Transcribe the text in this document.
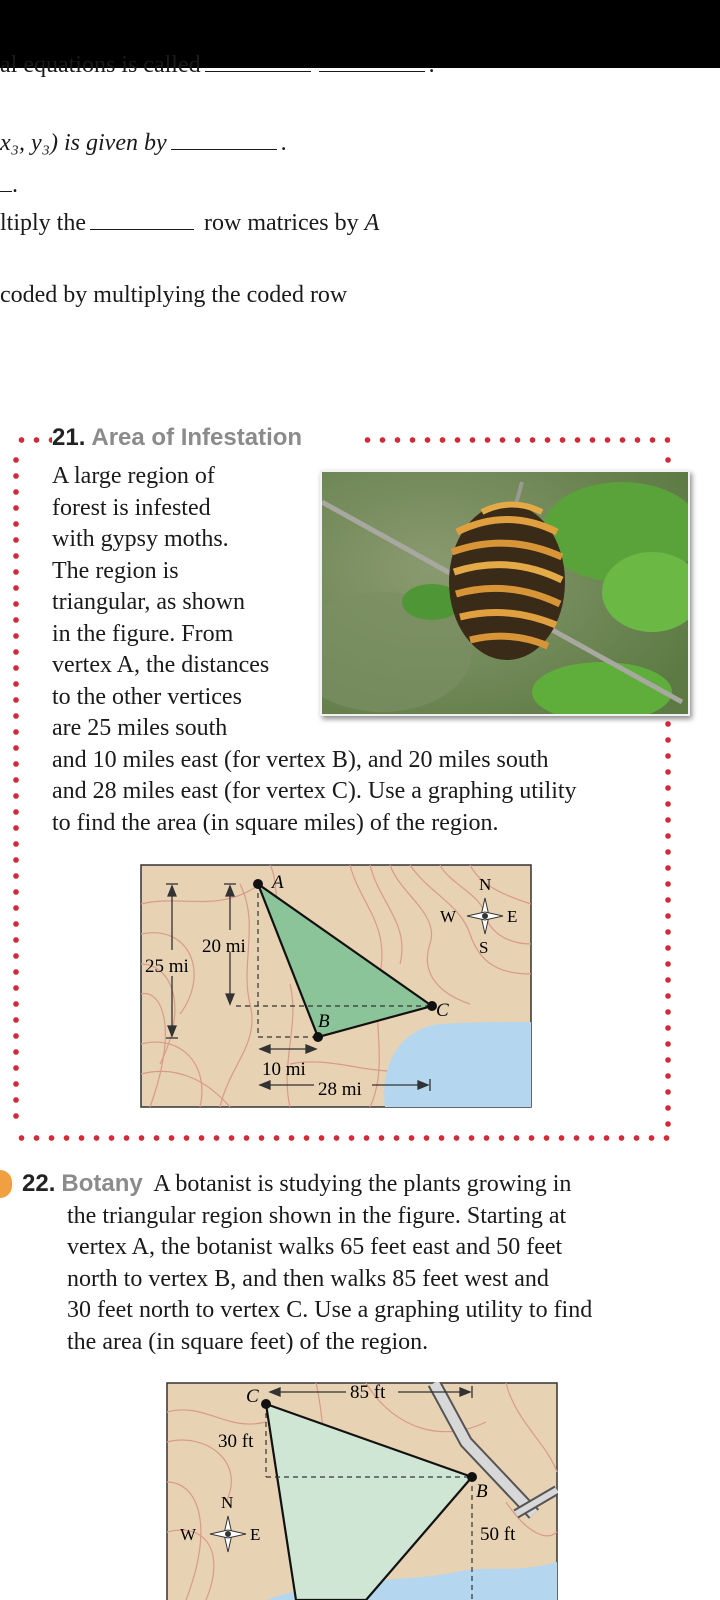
al equations is called	.
x₃, y₃) is given by	.
.
ltiply the	row matrices by A
coded by multiplying the coded row
21. Area of Infestation
A large region of
forest is infested
with gypsy moths.
The region is
triangular, as shown
in the figure. From
vertex A, the distances
to the other vertices
are 25 miles south
and 10 miles east (for vertex B), and 20 miles south
and 28 miles east (for vertex C). Use a graphing utility
to find the area (in square miles) of the region.
A
B
C
25 mi
20 mi
10 mi
28 mi
N
S
E
W
22. Botany A botanist is studying the plants growing in
the triangular region shown in the figure. Starting at
vertex A, the botanist walks 65 feet east and 50 feet
north to vertex B, and then walks 85 feet west and
30 feet north to vertex C. Use a graphing utility to find
the area (in square feet) of the region.
C
B
85 ft
30 ft
50 ft
N
E
W
